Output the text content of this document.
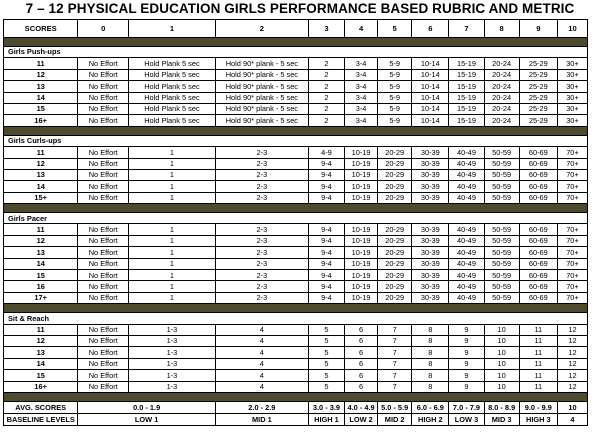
7 – 12 PHYSICAL EDUCATION GIRLS PERFORMANCE BASED RUBRIC AND METRIC
SCORES	0	1	2	3	4	5	6	7	8	9	10

Girls Push-ups											
11	No Effort	Hold Plank 5 sec	Hold 90* plank - 5 sec	2	3-4	5-9	10-14	15-19	20-24	25-29	30+
12	No Effort	Hold Plank 5 sec	Hold 90* plank - 5 sec	2	3-4	5-9	10-14	15-19	20-24	25-29	30+
13	No Effort	Hold Plank 5 sec	Hold 90* plank - 5 sec	2	3-4	5-9	10-14	15-19	20-24	25-29	30+
14	No Effort	Hold Plank 5 sec	Hold 90* plank - 5 sec	2	3-4	5-9	10-14	15-19	20-24	25-29	30+
15	No Effort	Hold Plank 5 sec	Hold 90* plank - 5 sec	2	3-4	5-9	10-14	15-19	20-24	25-29	30+
16+	No Effort	Hold Plank 5 sec	Hold 90* plank - 5 sec	2	3-4	5-9	10-14	15-19	20-24	25-29	30+

Girls Curls-ups											
11	No Effort	1	2-3	4-9	10-19	20-29	30-39	40-49	50-59	60-69	70+
12	No Effort	1	2-3	9-4	10-19	20-29	30-39	40-49	50-59	60-69	70+
13	No Effort	1	2-3	9-4	10-19	20-29	30-39	40-49	50-59	60-69	70+
14	No Effort	1	2-3	9-4	10-19	20-29	30-39	40-49	50-59	60-69	70+
15+	No Effort	1	2-3	9-4	10-19	20-29	30-39	40-49	50-59	60-69	70+

Girls Pacer											
11	No Effort	1	2-3	9-4	10-19	20-29	30-39	40-49	50-59	60-69	70+
12	No Effort	1	2-3	9-4	10-19	20-29	30-39	40-49	50-59	60-69	70+
13	No Effort	1	2-3	9-4	10-19	20-29	30-39	40-49	50-59	60-69	70+
14	No Effort	1	2-3	9-4	10-19	20-29	30-39	40-49	50-59	60-69	70+
15	No Effort	1	2-3	9-4	10-19	20-29	30-39	40-49	50-59	60-69	70+
16	No Effort	1	2-3	9-4	10-19	20-29	30-39	40-49	50-59	60-69	70+
17+	No Effort	1	2-3	9-4	10-19	20-29	30-39	40-49	50-59	60-69	70+

Sit & Reach											
11	No Effort	1-3	4	5	6	7	8	9	10	11	12
12	No Effort	1-3	4	5	6	7	8	9	10	11	12
13	No Effort	1-3	4	5	6	7	8	9	10	11	12
14	No Effort	1-3	4	5	6	7	8	9	10	11	12
15	No Effort	1-3	4	5	6	7	8	9	10	11	12
16+	No Effort	1-3	4	5	6	7	8	9	10	11	12

AVG. SCORES	0.0 - 1.9		2.0 - 2.9	3.0 - 3.9	4.0 - 4.9	5.0 - 5.9	6.0 - 6.9	7.0 - 7.9	8.0 - 8.9	9.0 - 9.9	10
BASELINE LEVELS	LOW 1		MID 1	HIGH 1	LOW 2	MID 2	HIGH 2	LOW 3	MID 3	HIGH 3	4
